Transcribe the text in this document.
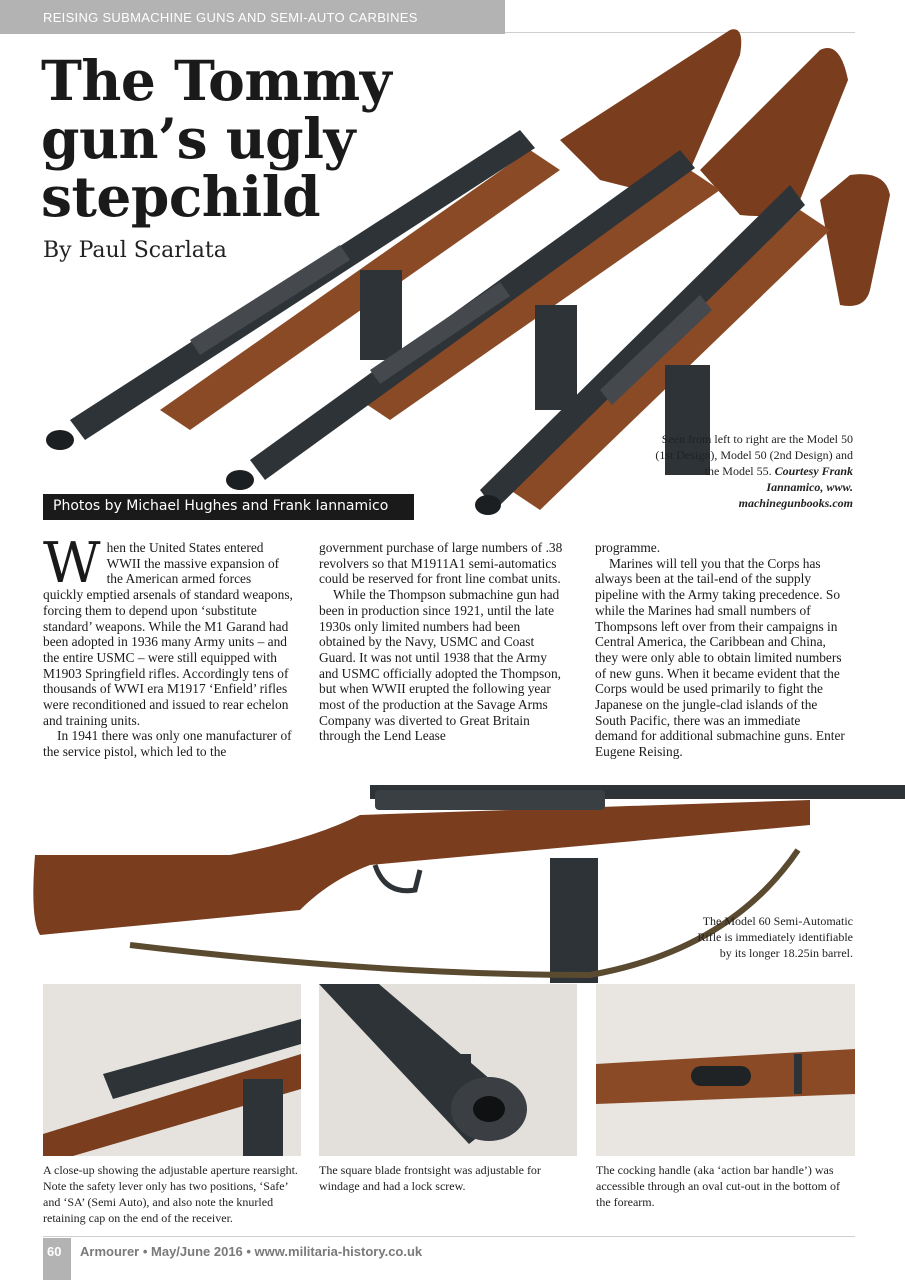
REISING SUBMACHINE GUNS AND SEMI-AUTO CARBINES
The Tommy gun’s ugly stepchild
By Paul Scarlata
Seen from left to right are the Model 50 (1st Design), Model 50 (2nd Design) and the Model 55. Courtesy Frank Iannamico, www. machinegunbooks.com
Photos by Michael Hughes and Frank Iannamico

When the United States entered WWII the massive expansion of the American armed forces quickly emptied arsenals of standard weapons, forcing them to depend upon ‘substitute standard’ weapons. While the M1 Garand had been adopted in 1936 many Army units – and the entire USMC – were still equipped with M1903 Springfield rifles. Accordingly tens of thousands of WWI era M1917 ‘Enfield’ rifles were reconditioned and issued to rear echelon and training units.

In 1941 there was only one manufacturer of the service pistol, which led to the

government purchase of large numbers of .38 revolvers so that M1911A1 semi-automatics could be reserved for front line combat units.

While the Thompson submachine gun had been in production since 1921, until the late 1930s only limited numbers had been obtained by the Navy, USMC and Coast Guard. It was not until 1938 that the Army and USMC officially adopted the Thompson, but when WWII erupted the following year most of the production at the Savage Arms Company was diverted to Great Britain through the Lend Lease

programme.

Marines will tell you that the Corps has always been at the tail-end of the supply pipeline with the Army taking precedence. So while the Marines had small numbers of Thompsons left over from their campaigns in Central America, the Caribbean and China, they were only able to obtain limited numbers of new guns. When it became evident that the Corps would be used primarily to fight the Japanese on the jungle-clad islands of the South Pacific, there was an immediate demand for additional submachine guns. Enter Eugene Reising.

The Model 60 Semi-Automatic Rifle is immediately identifiable by its longer 18.25in barrel.
A close-up showing the adjustable aperture rearsight. Note the safety lever only has two positions, ‘Safe’ and ‘SA’ (Semi Auto), and also note the knurled retaining cap on the end of the receiver.
The square blade frontsight was adjustable for windage and had a lock screw.
The cocking handle (aka ‘action bar handle’) was accessible through an oval cut-out in the bottom of the forearm.
60	Armourer • May/June 2016 • www.militaria-history.co.uk
